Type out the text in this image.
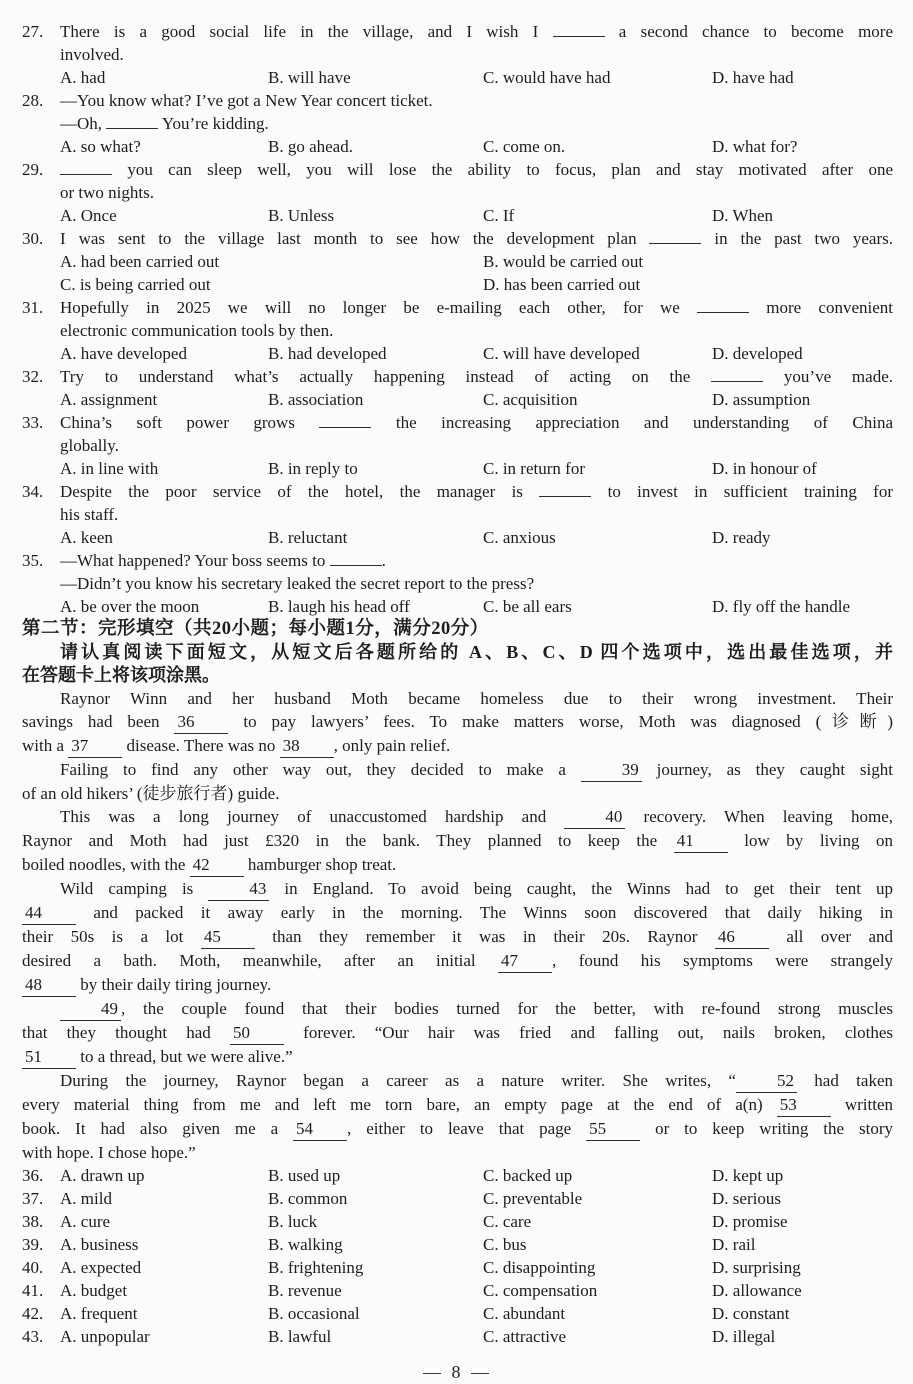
27. There is a good social life in the village, and I wish I	a second chance to become more
involved.
A. had	B. will have	C. would have had	D. have had
28. —You know what? I’ve got a New Year concert ticket.
—Oh,	You’re kidding.
A. so what?	B. go ahead.	C. come on.	D. what for?
29.	you can sleep well, you will lose the ability to focus, plan and stay motivated after one
or two nights.
A. Once	B. Unless	C. If	D. When
30. I was sent to the village last month to see how the development plan	in the past two years.
A. had been carried out	B. would be carried out
C. is being carried out	D. has been carried out
31. Hopefully in 2025 we will no longer be e-mailing each other, for we	more convenient
electronic communication tools by then.
A. have developed	B. had developed	C. will have developed	D. developed
32. Try to understand what’s actually happening instead of acting on the	you’ve made.
A. assignment	B. association	C. acquisition	D. assumption
33. China’s soft power grows	the increasing appreciation and understanding of China
globally.
A. in line with	B. in reply to	C. in return for	D. in honour of
34. Despite the poor service of the hotel, the manager is	to invest in sufficient training for
his staff.
A. keen	B. reluctant	C. anxious	D. ready
35. —What happened? Your boss seems to	.
—Didn’t you know his secretary leaked the secret report to the press?
A. be over the moon	B. laugh his head off	C. be all ears	D. fly off the handle
第二节：完形填空（共20小题；每小题1分，满分20分）
请认真阅读下面短文，从短文后各题所给的 A、B、C、D 四个选项中，选出最佳选项，并
在答题卡上将该项涂黑。
Raynor Winn and her husband Moth became homeless due to their wrong investment. Their
savings had been 36 to pay lawyers’ fees. To make matters worse, Moth was diagnosed (诊断)
with a 37 disease. There was no 38 , only pain relief.
Failing to find any other way out, they decided to make a 39 journey, as they caught sight
of an old hikers’ (徒步旅行者) guide.
This was a long journey of unaccustomed hardship and 40 recovery. When leaving home,
Raynor and Moth had just £320 in the bank. They planned to keep the 41 low by living on
boiled noodles, with the 42 hamburger shop treat.
Wild camping is 43 in England. To avoid being caught, the Winns had to get their tent up
44 and packed it away early in the morning. The Winns soon discovered that daily hiking in
their 50s is a lot 45 than they remember it was in their 20s. Raynor 46 all over and
desired a bath. Moth, meanwhile, after an initial 47 , found his symptoms were strangely
48 by their daily tiring journey.
49 , the couple found that their bodies turned for the better, with re-found strong muscles
that they thought had 50 forever. “Our hair was fried and falling out, nails broken, clothes
51 to a thread, but we were alive.”
During the journey, Raynor began a career as a nature writer. She writes, “ 52 had taken
every material thing from me and left me torn bare, an empty page at the end of a(n) 53 written
book. It had also given me a 54 , either to leave that page 55 or to keep writing the story
with hope. I chose hope.”
36. A. drawn up	B. used up	C. backed up	D. kept up
37. A. mild	B. common	C. preventable	D. serious
38. A. cure	B. luck	C. care	D. promise
39. A. business	B. walking	C. bus	D. rail
40. A. expected	B. frightening	C. disappointing	D. surprising
41. A. budget	B. revenue	C. compensation	D. allowance
42. A. frequent	B. occasional	C. abundant	D. constant
43. A. unpopular	B. lawful	C. attractive	D. illegal
— 8 —
